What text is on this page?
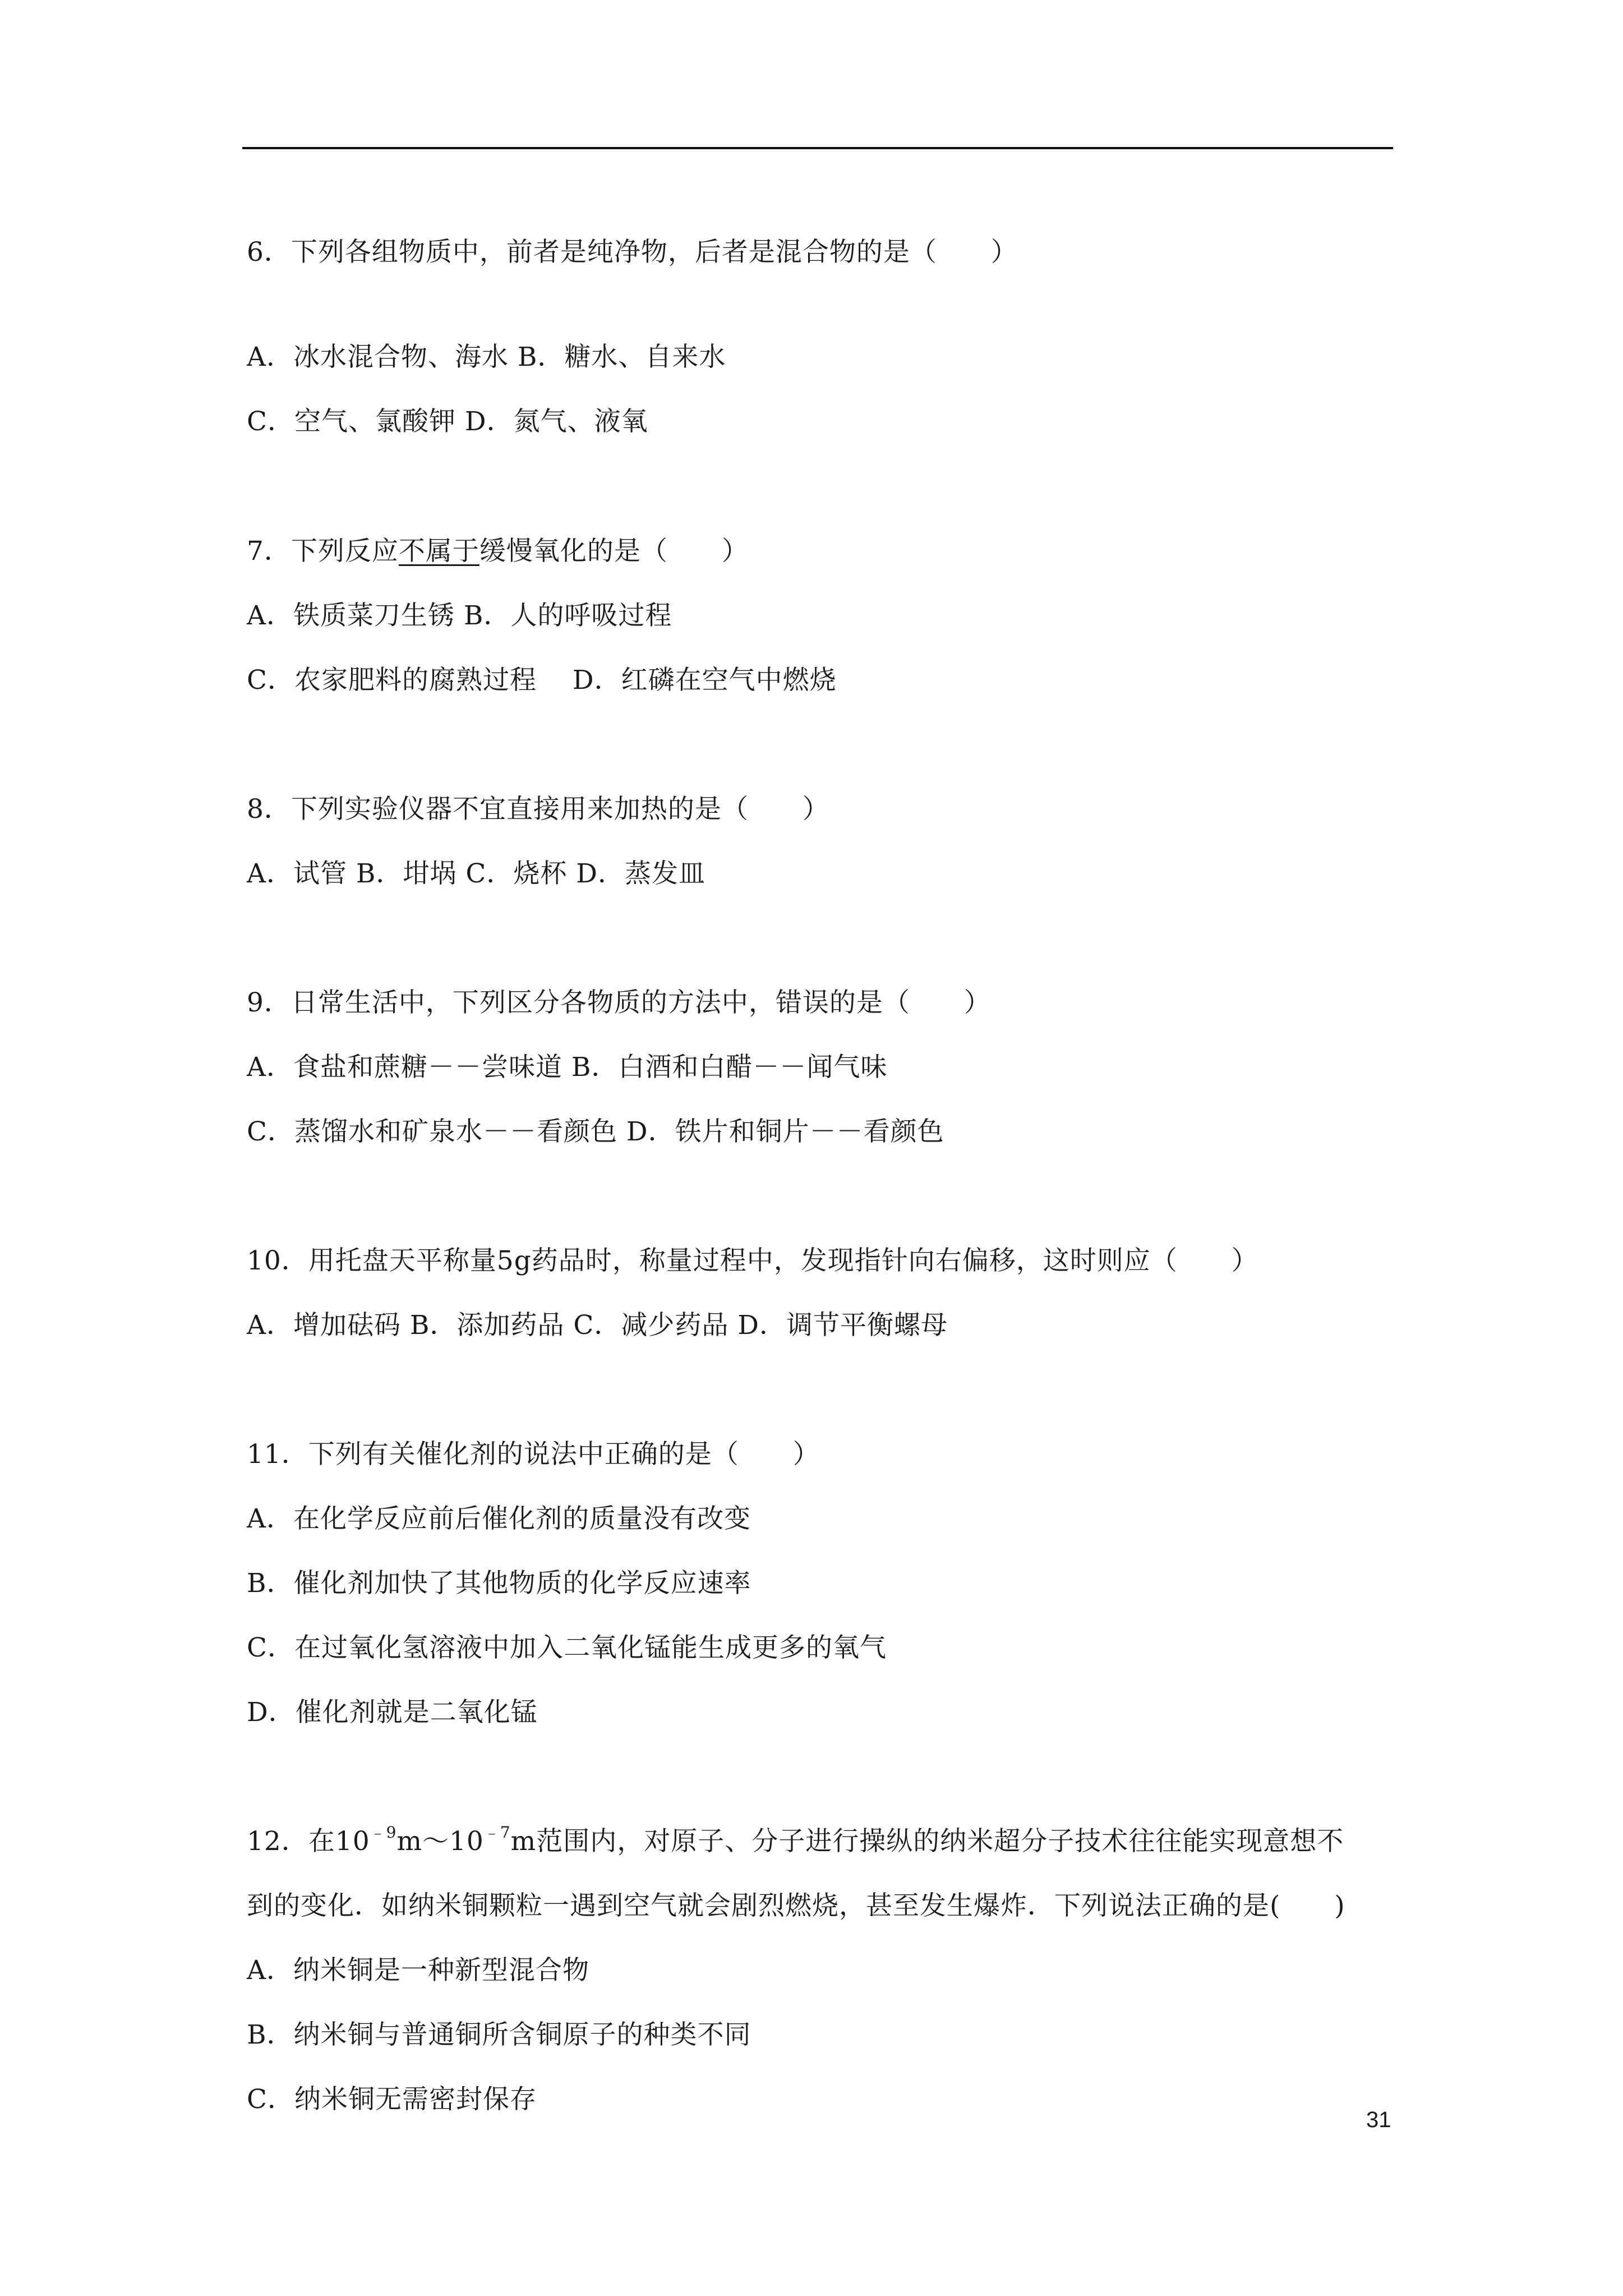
6．下列各组物质中，前者是纯净物，后者是混合物的是（　　）
A．冰水混合物、海水 B．糖水、自来水
C．空气、氯酸钾 D．氮气、液氧
7．下列反应不属于缓慢氧化的是（　　）
A．铁质菜刀生锈 B．人的呼吸过程
C．农家肥料的腐熟过程　 D．红磷在空气中燃烧
8．下列实验仪器不宜直接用来加热的是（　　）
A．试管 B．坩埚 C．烧杯 D．蒸发皿
9．日常生活中，下列区分各物质的方法中，错误的是（　　）
A．食盐和蔗糖－－尝味道 B．白酒和白醋－－闻气味
C．蒸馏水和矿泉水－－看颜色 D．铁片和铜片－－看颜色
10．用托盘天平称量5g药品时，称量过程中，发现指针向右偏移，这时则应（　　）
A．增加砝码 B．添加药品 C．减少药品 D．调节平衡螺母
11．下列有关催化剂的说法中正确的是（　　）
A．在化学反应前后催化剂的质量没有改变
B．催化剂加快了其他物质的化学反应速率
C．在过氧化氢溶液中加入二氧化锰能生成更多的氧气
D．催化剂就是二氧化锰
12．在$10^{﹣9}m\sim 10^{﹣7}m$范围内，对原子、分子进行操纵的纳米超分子技术往往能实现意想不
到的变化．如纳米铜颗粒一遇到空气就会剧烈燃烧，甚至发生爆炸．下列说法正确的是(　　)
A．纳米铜是一种新型混合物
B．纳米铜与普通铜所含铜原子的种类不同
C．纳米铜无需密封保存
31
